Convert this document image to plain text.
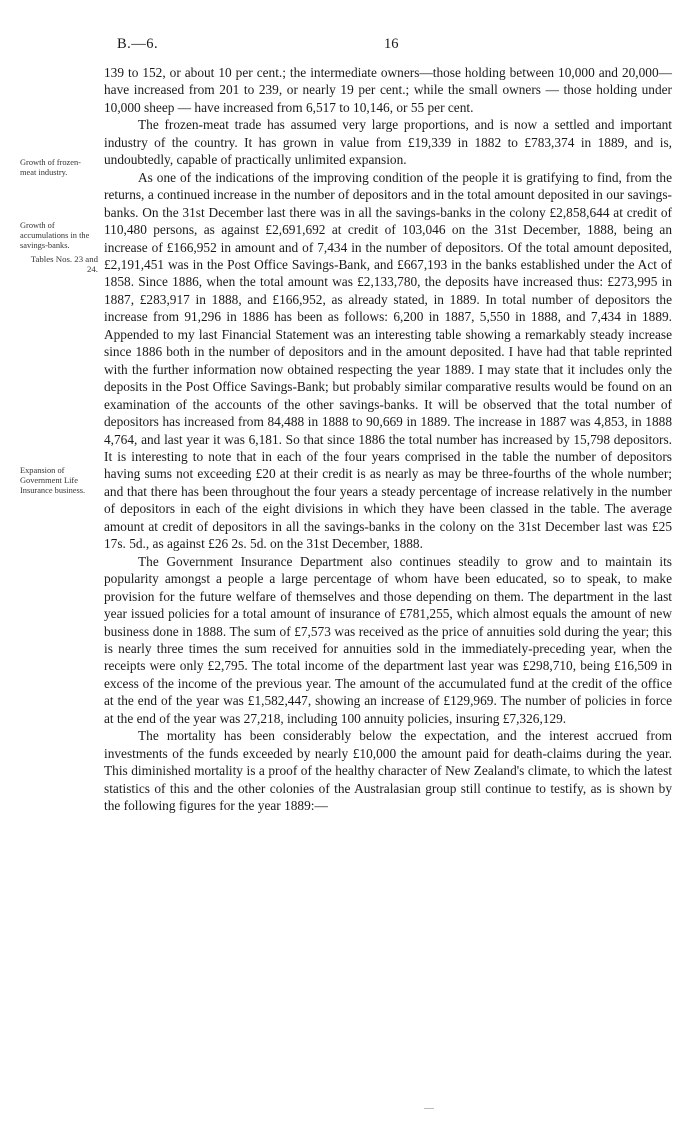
B.—6.	16
Growth of frozen-meat industry.
Growth of accumulations in the savings-banks.
Tables Nos. 23 and 24.
Expansion of Government Life Insurance business.

139 to 152, or about 10 per cent.; the intermediate owners—those holding between 10,000 and 20,000—have increased from 201 to 239, or nearly 19 per cent.; while the small owners — those holding under 10,000 sheep — have increased from 6,517 to 10,146, or 55 per cent.

The frozen-meat trade has assumed very large proportions, and is now a settled and important industry of the country. It has grown in value from £19,339 in 1882 to £783,374 in 1889, and is, undoubtedly, capable of practically unlimited expansion.

As one of the indications of the improving condition of the people it is gratifying to find, from the returns, a continued increase in the number of depositors and in the total amount deposited in our savings-banks. On the 31st December last there was in all the savings-banks in the colony £2,858,644 at credit of 110,480 persons, as against £2,691,692 at credit of 103,046 on the 31st December, 1888, being an increase of £166,952 in amount and of 7,434 in the number of depositors. Of the total amount deposited, £2,191,451 was in the Post Office Savings-Bank, and £667,193 in the banks established under the Act of 1858. Since 1886, when the total amount was £2,133,780, the deposits have increased thus: £273,995 in 1887, £283,917 in 1888, and £166,952, as already stated, in 1889. In total number of depositors the increase from 91,296 in 1886 has been as follows: 6,200 in 1887, 5,550 in 1888, and 7,434 in 1889. Appended to my last Financial Statement was an interesting table showing a remarkably steady increase since 1886 both in the number of depositors and in the amount deposited. I have had that table reprinted with the further information now obtained respecting the year 1889. I may state that it includes only the deposits in the Post Office Savings-Bank; but probably similar comparative results would be found on an examination of the accounts of the other savings-banks. It will be observed that the total number of depositors has increased from 84,488 in 1888 to 90,669 in 1889. The increase in 1887 was 4,853, in 1888 4,764, and last year it was 6,181. So that since 1886 the total number has increased by 15,798 depositors. It is interesting to note that in each of the four years comprised in the table the number of depositors having sums not exceeding £20 at their credit is as nearly as may be three-fourths of the whole number; and that there has been throughout the four years a steady percentage of increase relatively in the number of depositors in each of the eight divisions in which they have been classed in the table. The average amount at credit of depositors in all the savings-banks in the colony on the 31st December last was £25 17s. 5d., as against £26 2s. 5d. on the 31st December, 1888.

The Government Insurance Department also continues steadily to grow and to maintain its popularity amongst a people a large percentage of whom have been educated, so to speak, to make provision for the future welfare of themselves and those depending on them. The department in the last year issued policies for a total amount of insurance of £781,255, which almost equals the amount of new business done in 1888. The sum of £7,573 was received as the price of annuities sold during the year; this is nearly three times the sum received for annuities sold in the immediately-preceding year, when the receipts were only £2,795. The total income of the department last year was £298,710, being £16,509 in excess of the income of the previous year. The amount of the accumulated fund at the credit of the office at the end of the year was £1,582,447, showing an increase of £129,969. The number of policies in force at the end of the year was 27,218, including 100 annuity policies, insuring £7,326,129.

The mortality has been considerably below the expectation, and the interest accrued from investments of the funds exceeded by nearly £10,000 the amount paid for death-claims during the year. This diminished mortality is a proof of the healthy character of New Zealand's climate, to which the latest statistics of this and the other colonies of the Australasian group still continue to testify, as is shown by the following figures for the year 1889:—
